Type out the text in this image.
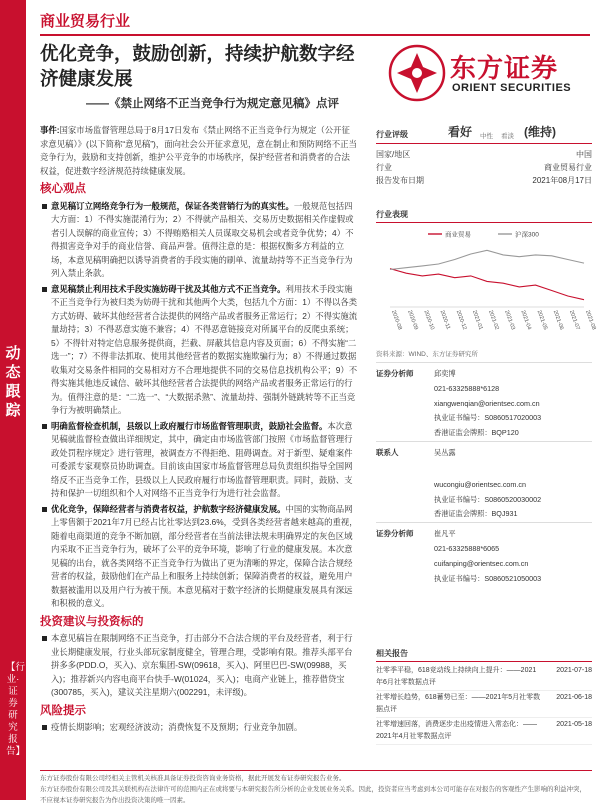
动态跟踪
【行业·证券研究报告】
商业贸易行业
优化竞争，鼓励创新，持续护航数字经济健康发展
——《禁止网络不正当竞争行为规定意见稿》点评
东方证券
ORIENT SECURITIES

事件:国家市场监督管理总局于8月17日发布《禁止网络不正当竞争行为规定（公开征求意见稿）》(以下简称“意见稿”)，面向社会公开征求意见，意在制止和预防网络不正当竞争行为，鼓励和支持创新，维护公平竞争的市场秩序，保护经营者和消费者的合法权益，促进数字经济规范持续健康发展。

核心观点
意见稿订立网络竞争行为一般规范，保证各类营销行为的真实性。一般规范包括四大方面：1）不得实施混淆行为；2）不得就产品相关、交易历史数据相关作虚假或者引人误解的商业宣传；3）不得贿赂相关人员谋取交易机会或者竞争优势；4）不得损害竞争对手的商业信誉、商品声誉。值得注意的是：根据权衡多方利益的立场，本意见稿明确把以诱导消费者的手段实施的刷单、流量劫持等不正当竞争行为列入禁止条款。
意见稿禁止利用技术手段实施妨碍干扰及其他方式不正当竞争。利用技术手段实施不正当竞争行为被归类为妨碍干扰和其他两个大类，包括九个方面：1）不得以各类方式妨碍、破坏其他经营者合法提供的网络产品或者服务正常运行；2）不得实施流量劫持；3）不得恶意实施不兼容；4）不得恶意链接竞对所属平台的反爬虫系统；5）不得针对特定信息服务提供商，拦截、屏蔽其信息内容及页面；6）不得实施“二选一”；7）不得非法抓取、使用其他经营者的数据实施欺骗行为；8）不得通过数据收集对交易条件相同的交易相对方不合理地提供不同的交易信息找机构公平；9）不得实施其他违反诚信、破坏其他经营者合法提供的网络产品或者服务正常运行的行为。值得注意的是：“二选一”、“大数据杀熟”、流量劫持、强制外链跳转等不正当竞争行为被明确禁止。
明确监督检查机制，县级以上政府履行市场监督管理职责，鼓励社会监督。本次意见稿就监督检查做出详细规定，其中，确定由市场监管部门按照《市场监督管理行政处罚程序规定》进行管理，被调查方不得拒绝、阻碍调查。对于新型、疑难案件可委派专家观察员协助调查。目前该由国家市场监督管理总局负责组织指导全国网络反不正当竞争工作，县级以上人民政府履行市场监督管理职责。同时，鼓励、支持和保护一切组织和个人对网络不正当竞争行为进行社会监督。
优化竞争，保障经营者与消费者权益，护航数字经济健康发展。中国的实物商品网上零售额于2021年7月已经占比社零达到23.6%，受到各类经营者越来越高的重视，随着电商渠道的竞争不断加剧，部分经营者在当前法律法规未明确界定的灰色区域内采取不正当竞争行为，破坏了公平的竞争环境，影响了行业的健康发展。本次意见稿的出台，就各类网络不正当竞争行为做出了更为清晰的界定，保障合法合规经营者的权益，鼓励他们在产品上和服务上持续创新；保障消费者的权益，避免用户数据被滥用以及用户行为被干预。本意见稿对于数字经济的长期健康发展具有深远和积极的意义。
投资建议与投资标的
本意见稿旨在限制网络不正当竞争，打击部分不合法合规的平台及经营者，利于行业长期健康发展，行业头部玩家制度健全，管理合理，受影响有限。推荐头部平台拼多多(PDD.O，买入)、京东集团-SW(09618，买入)、阿里巴巴-SW(09988，买入)；推荐新兴内容电商平台快手-W(01024，买入)；电商产业链上，推荐借贷宝(300785，买入)，建议关注星期六(002291，未评级)。
风险提示
疫情长期影响；宏观经济波动；消费恢复不及预期；行业竞争加剧。
行业评级	看好 中性 看淡 (维持)
国家/地区	中国
行业	商业贸易行业
报告发布日期	2021年08月17日
行业表现
商业贸易	沪深300
2020-08 2020-09 2020-10 2020-11 2020-12 2021-01 2021-02 2021-03 2021-04 2021-05 2021-06 2021-07 2021-08
资料来源：WIND、东方证券研究所
证券分析师	邱奕博
021-63325888*6128
xiangwenqian@orientsec.com.cn
执业证书编号：S0860517020003
香港证监会牌照：BQP120
联系人	吴丛露
wucongiu@orientsec.com.cn
执业证书编号：S0860520030002
香港证监会牌照：BQJ931
证券分析师	崔凡平
021-63325888*6065
cuifanping@orientsec.com.cn
执业证书编号：S0860521050003
相关报告
社零季平稳，618竞动线上持续向上提升：——2021年6月社零数据点评
2021-07-18
社零增长趋势，618蓄势已至：——2021年5月社零数据点评
2021-06-18
社零增速回落，消费逐步走出疫情进入常态化：——2021年4月社零数据点评
2021-05-18
东方证券股份有限公司经相关主管机关核准具备证券投资咨询业务资格，据此开展发布证券研究报告业务。
东方证券股份有限公司及其关联机构在法律许可的范围内正在或将要与本研究报告所分析的企业发展业务关系。因此，投资者应当考虑到本公司可能存在对报告的客观性产生影响的利益冲突，不应视本证券研究报告为作出投资决策的唯一因素。
